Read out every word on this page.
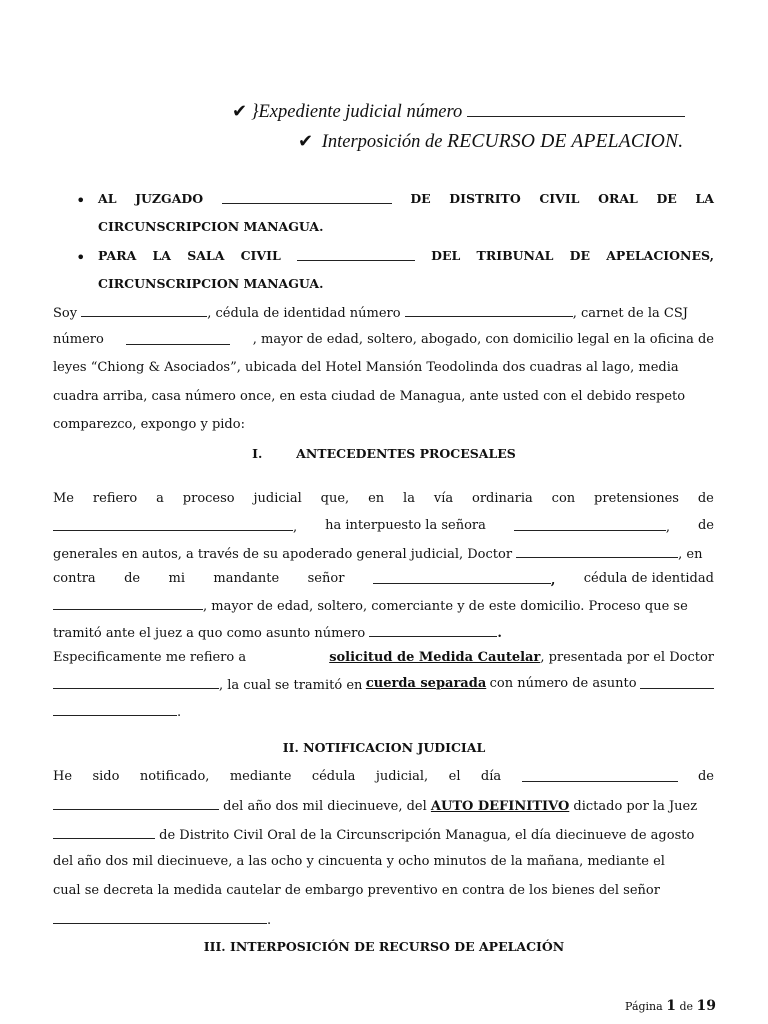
✔ }Expediente judicial número
✔ Interposición de RECURSO DE APELACION.
• AL JUZGADO	DE DISTRITO CIVIL ORAL DE LA
CIRCUNSCRIPCION MANAGUA.
• PARA LA SALA CIVIL	DEL TRIBUNAL DE APELACIONES,
CIRCUNSCRIPCION MANAGUA.
Soy	, cédula de identidad número	, carnet de la CSJ
número	, mayor de edad, soltero, abogado, con domicilio legal en la oficina de
leyes “Chiong & Asociados”, ubicada del Hotel Mansión Teodolinda dos cuadras al lago, media
cuadra arriba, casa número once, en esta ciudad de Managua, ante usted con el debido respeto
comparezco, expongo y pido:
I.	ANTECEDENTES PROCESALES
Me refiero a proceso judicial que, en la vía ordinaria con pretensiones de
, ha interpuesto la señora	, de
generales en autos, a través de su apoderado general judicial, Doctor	, en
contra de mi mandante señor	, cédula de identidad
, mayor de edad, soltero, comerciante y de este domicilio. Proceso que se
tramitó ante el juez a quo como asunto número	.
Especificamente me refiero a	solicitud de Medida Cautelar, presentada por el Doctor
, la cual se tramitó en cuerda separada con número de asunto
.
II. NOTIFICACION JUDICIAL
He sido notificado, mediante cédula judicial, el día	de
del año dos mil diecinueve, del AUTO DEFINITIVO dictado por la Juez
de Distrito Civil Oral de la Circunscripción Managua, el día diecinueve de agosto
del año dos mil diecinueve, a las ocho y cincuenta y ocho minutos de la mañana, mediante el
cual se decreta la medida cautelar de embargo preventivo en contra de los bienes del señor
.
III. INTERPOSICIÓN DE RECURSO DE APELACIÓN
Página 1 de 19
